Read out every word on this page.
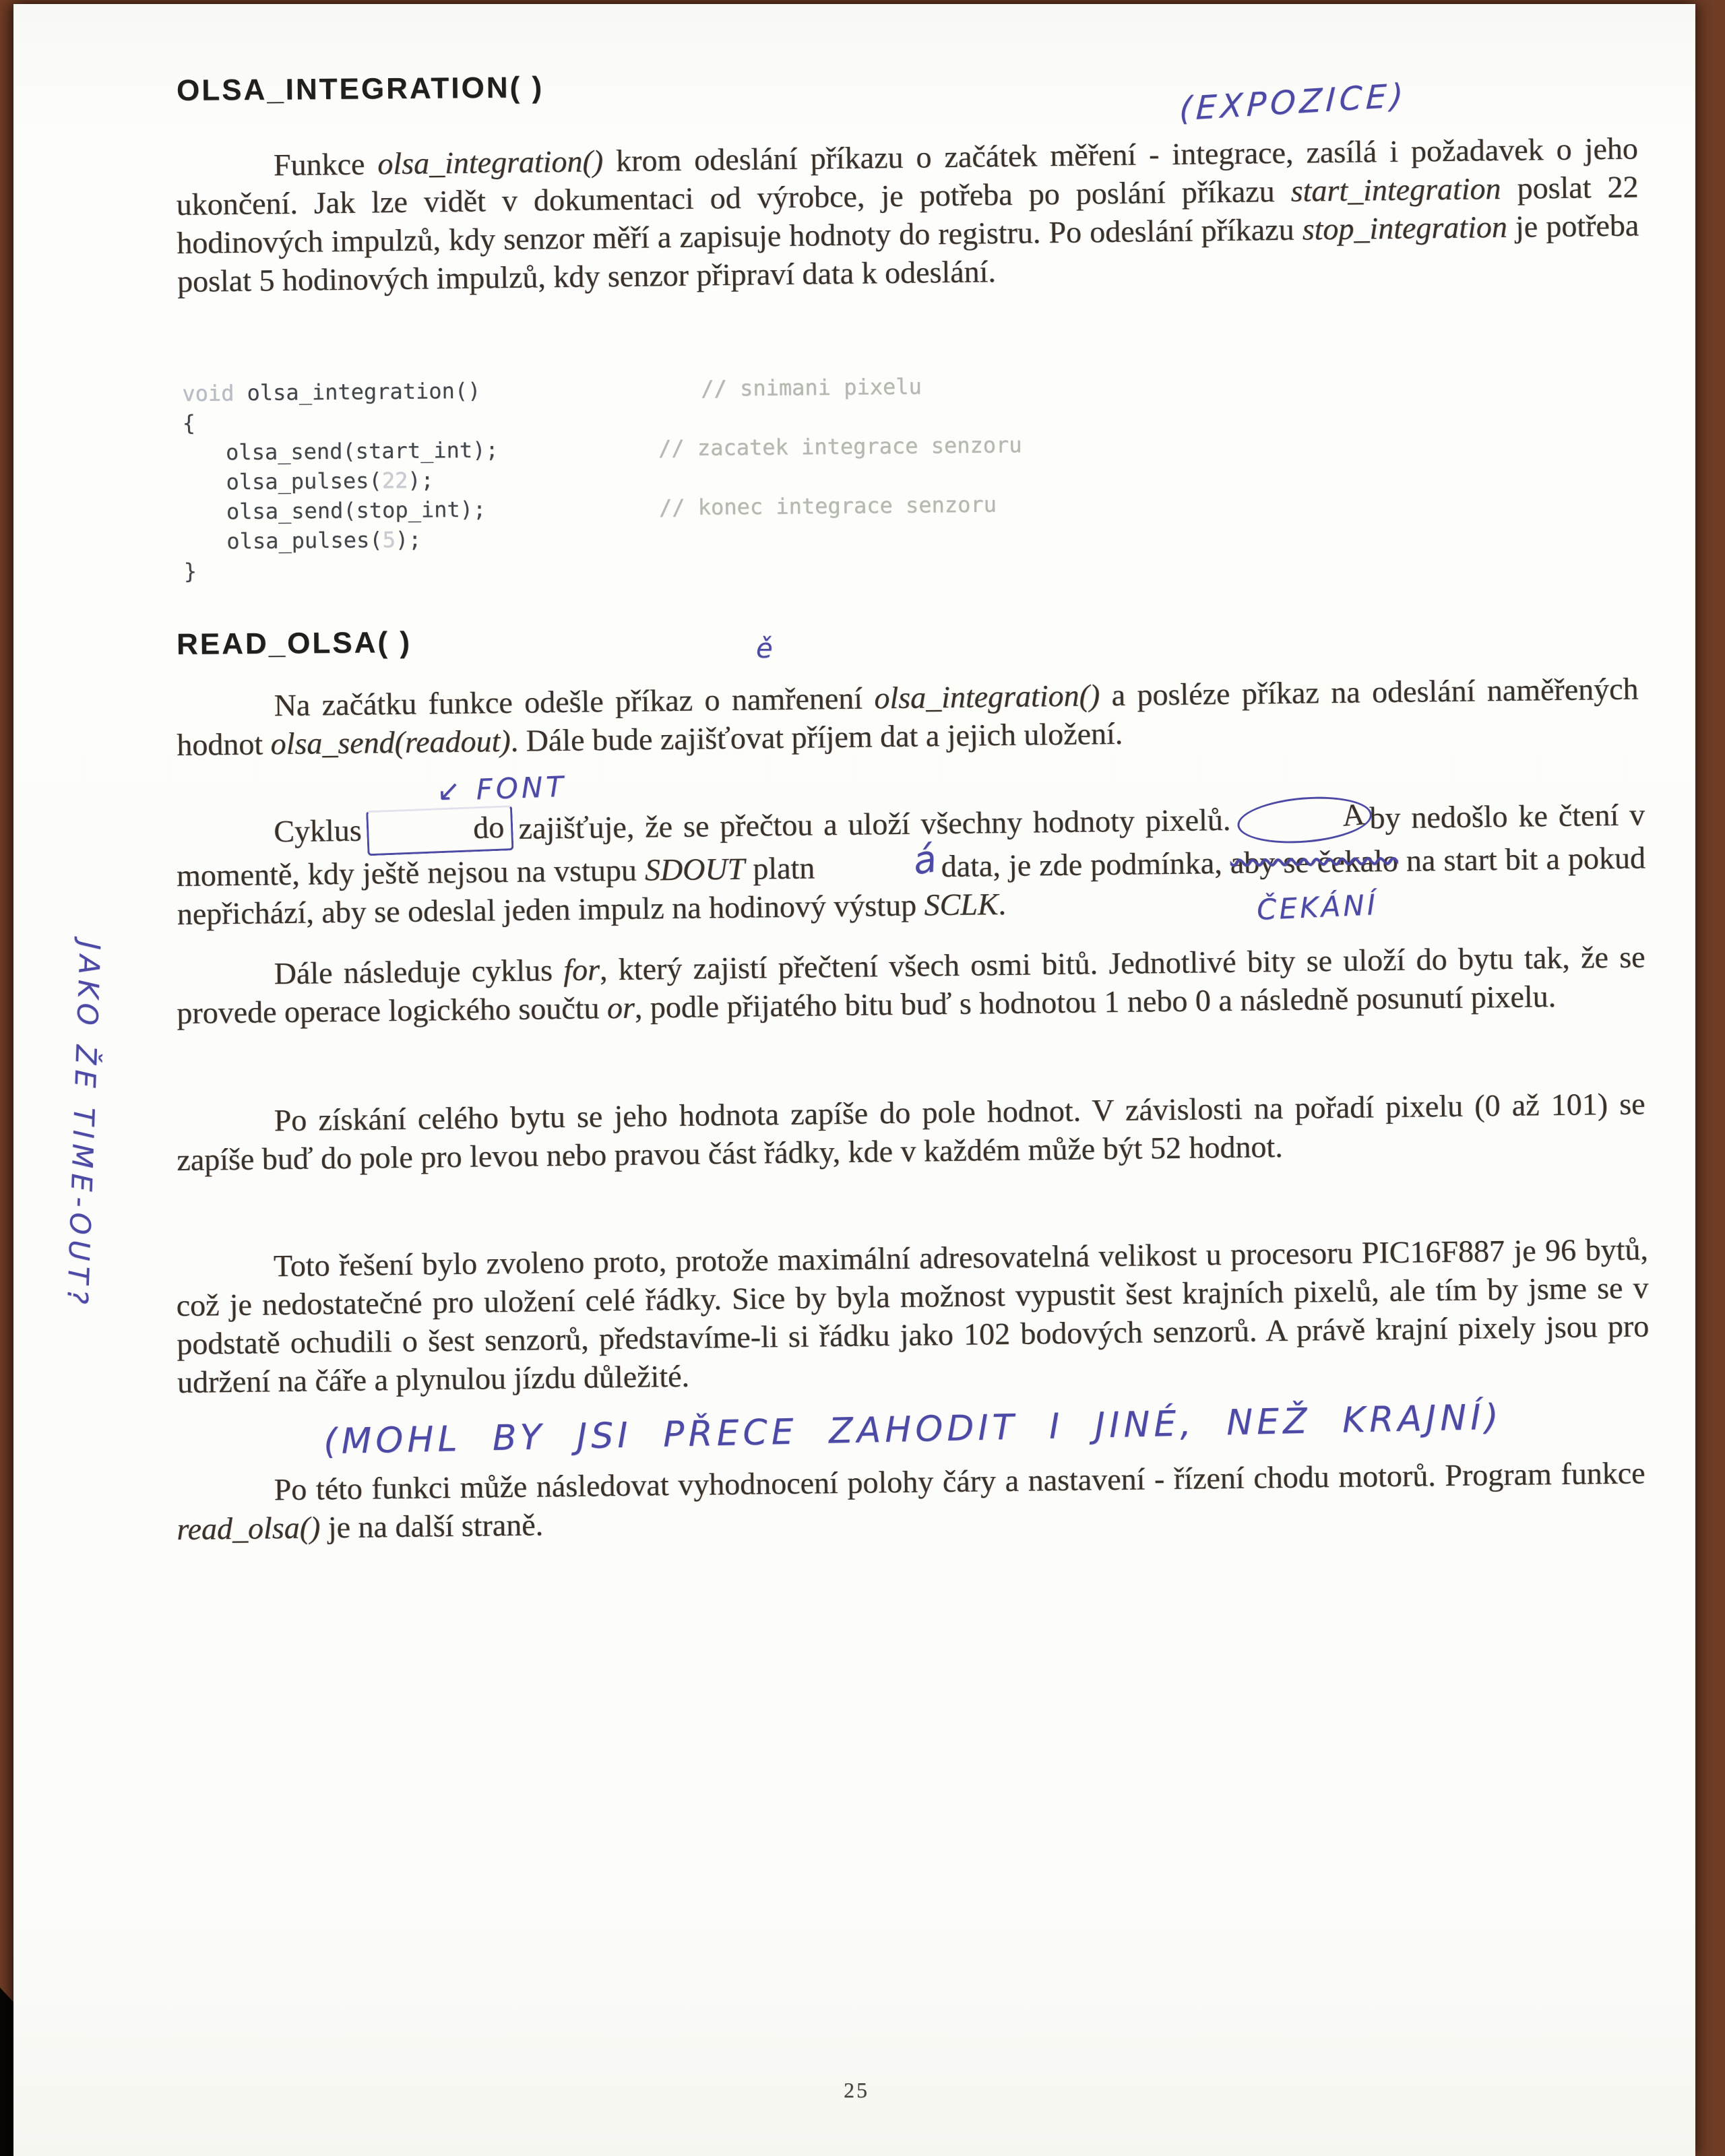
OLSA_INTEGRATION( )	(EXPOZICE)

Funkce olsa_integration() krom odeslání příkazu o začátek měření - integrace, zasílá i požadavek o jeho ukončení. Jak lze vidět v dokumentaci od výrobce, je potřeba po poslání příkazu start_integration poslat 22 hodinových impulzů, kdy senzor měří a zapisuje hodnoty do registru. Po odeslání příkazu stop_integration je potřeba poslat 5 hodinových impulzů, kdy senzor připraví data k odeslání.

void olsa_integration()	// snimani pixelu
{
olsa_send(start_int);	// zacatek integrace senzoru
olsa_pulses(22);
olsa_send(stop_int);	// konec integrace senzoru
olsa_pulses(5);
}
READ_OLSA( )	ě

Na začátku funkce odešle příkaz o namřenení olsa_integration() a posléze příkaz na odeslání naměřených hodnot olsa_send(readout). Dále bude zajišťovat příjem dat a jejich uložení.

↙ FONT

Cyklus	do zajišťuje, že se přečtou a uloží všechny hodnoty pixelů.	A by nedošlo ke čtení v momentě, kdy ještě nejsou na vstupu SDOUT platn	á data, je zde podmínka, aby se čekalo na start bit a pokud nepřichází, aby se odeslal jeden impulz na hodinový výstup SCLK.	ČEKÁNÍ

Dále následuje cyklus for, který zajistí přečtení všech osmi bitů. Jednotlivé bity se uloží do bytu tak, že se provede operace logického součtu or, podle přijatého bitu buď s hodnotou 1 nebo 0 a následně posunutí pixelu.

Po získání celého bytu se jeho hodnota zapíše do pole hodnot. V závislosti na pořadí pixelu (0 až 101) se zapíše buď do pole pro levou nebo pravou část řádky, kde v každém může být 52 hodnot.

Toto řešení bylo zvoleno proto, protože maximální adresovatelná velikost u procesoru PIC16F887 je 96 bytů, což je nedostatečné pro uložení celé řádky. Sice by byla možnost vypustit šest krajních pixelů, ale tím by jsme se v podstatě ochudili o šest senzorů, představíme-li si řádku jako 102 bodových senzorů. A právě krajní pixely jsou pro udržení na čáře a plynulou jízdu důležité.

(MOHL BY JSI PŘECE ZAHODIT I JINÉ, NEŽ KRAJNÍ)

Po této funkci může následovat vyhodnocení polohy čáry a nastavení - řízení chodu motorů. Program funkce read_olsa() je na další straně.

JAKO ŽE TIME-OUT?
25
